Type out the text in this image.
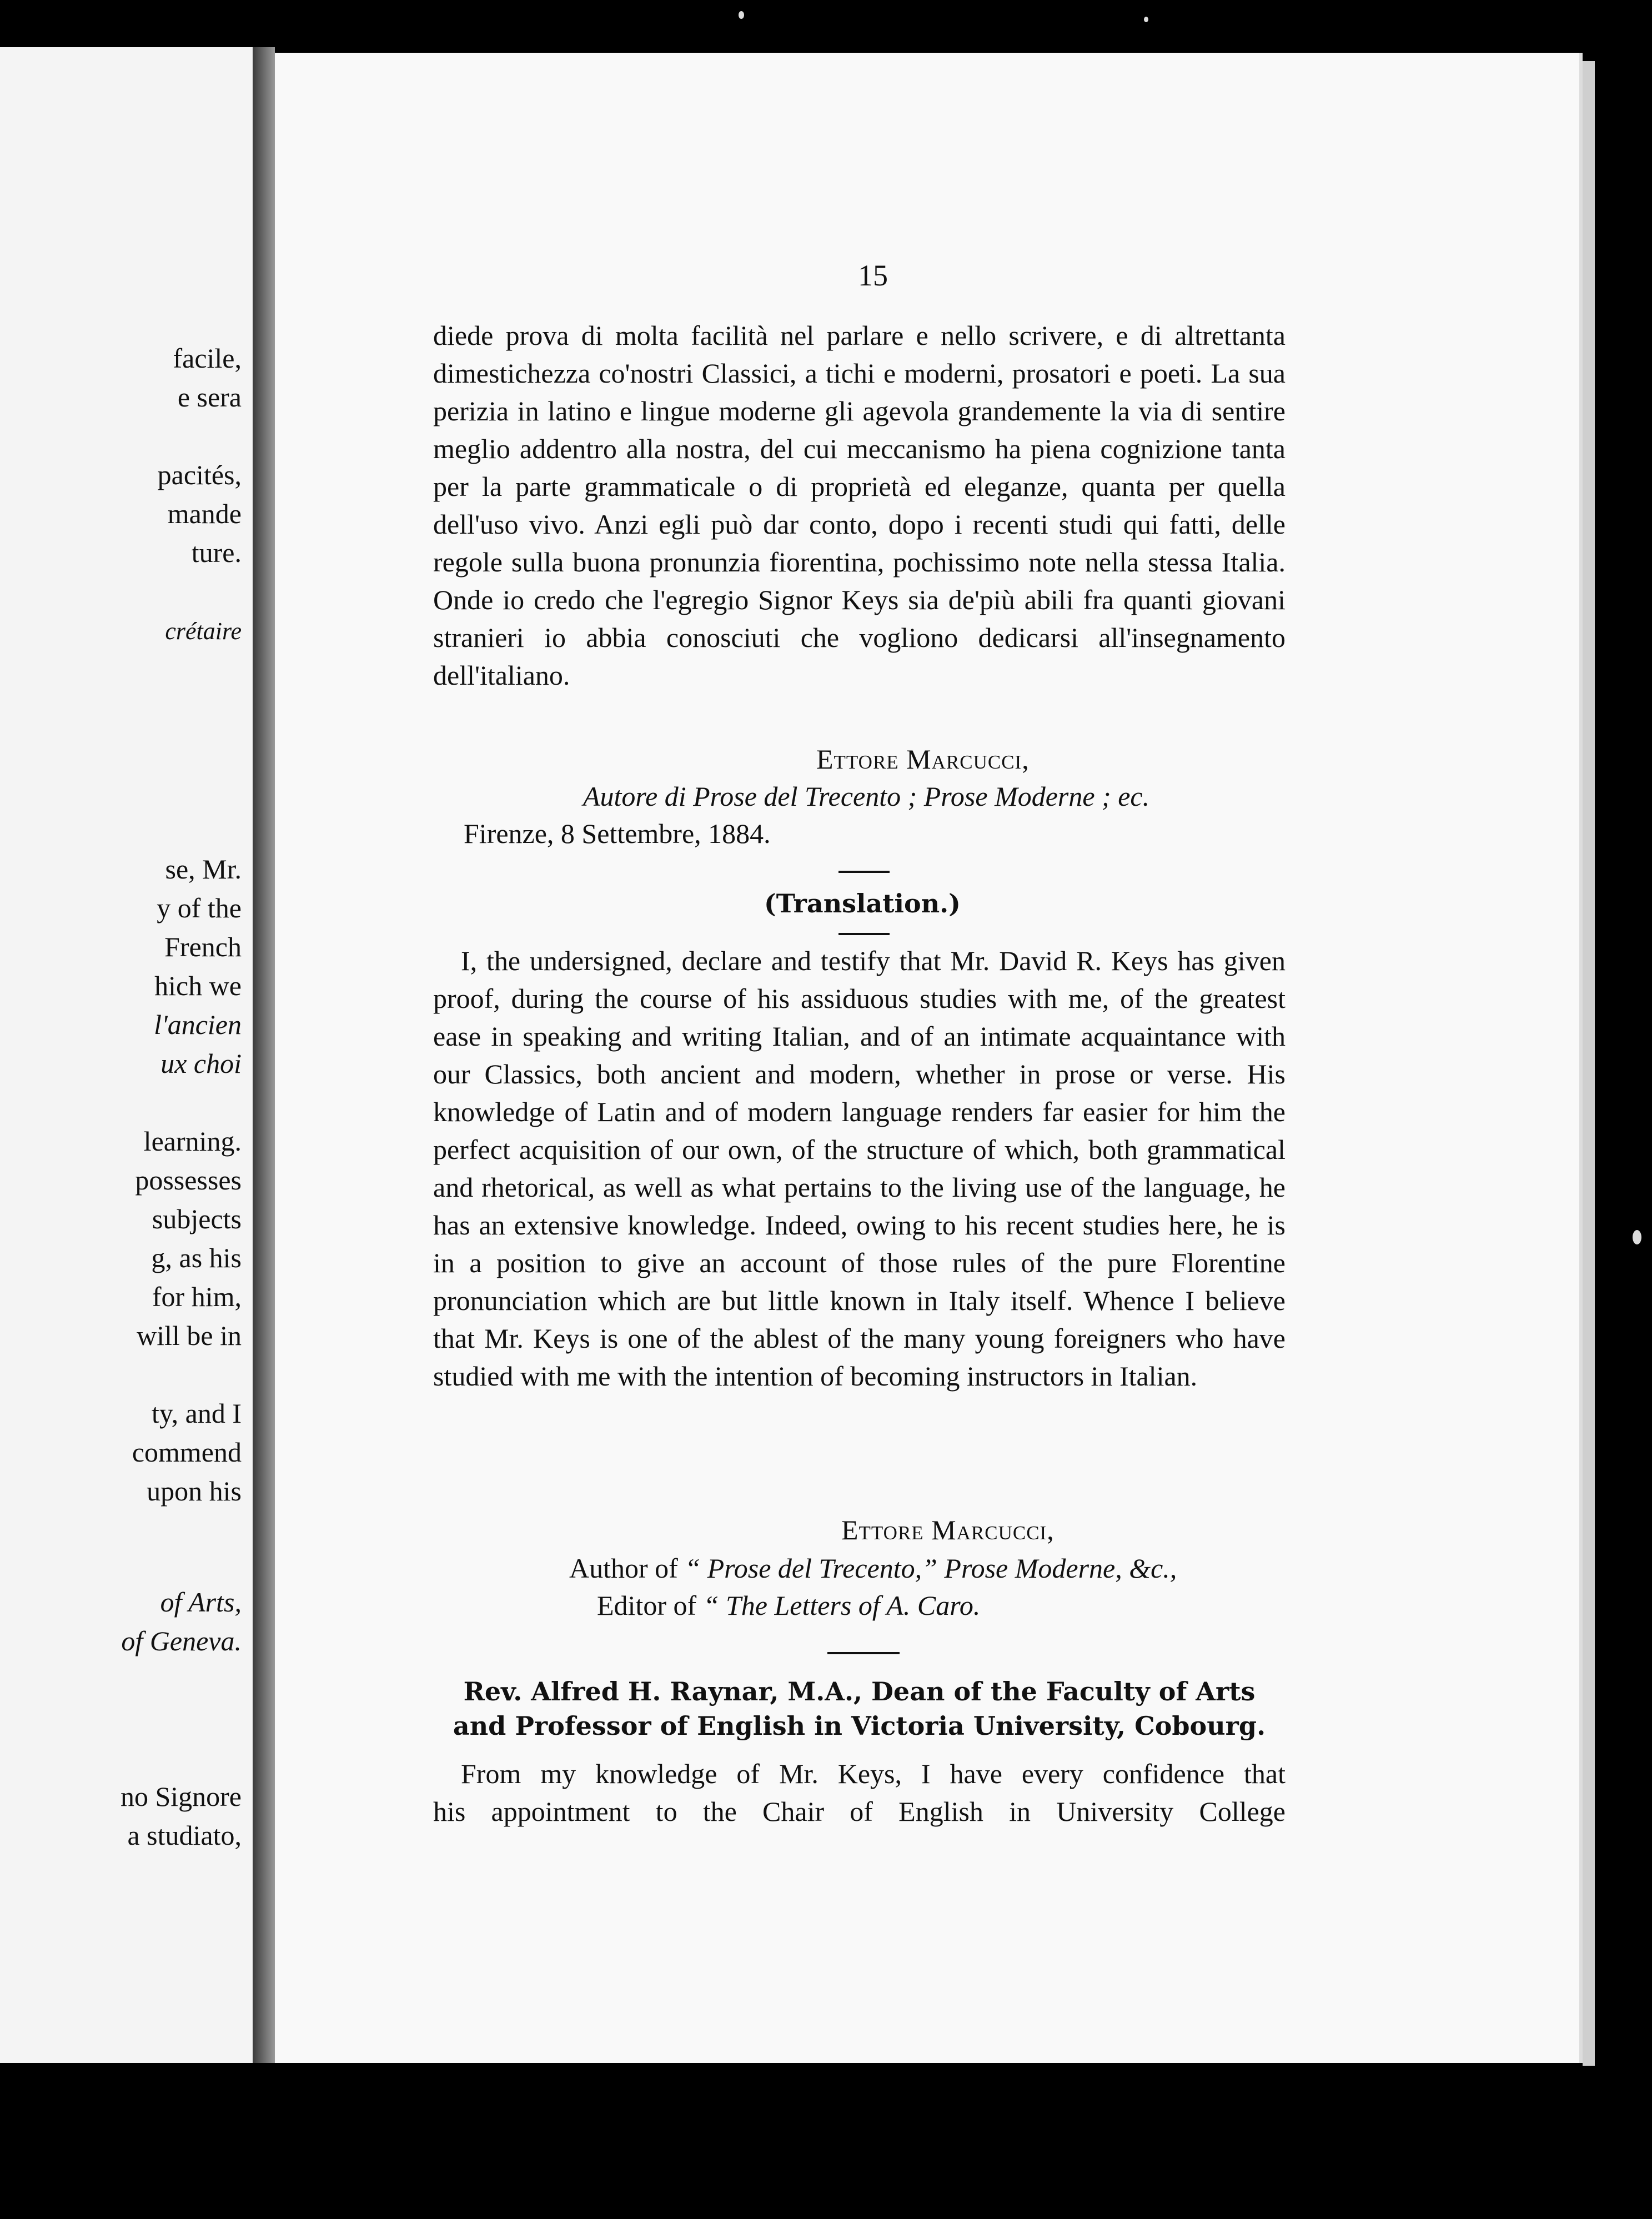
facile,
e sera
pacités,
mande
ture.
crétaire
se, Mr.
y of the
French
hich we
l'ancien
ux choi
learning.
possesses
subjects
g, as his
for him,
will be in
ty, and I
commend
upon his
of Arts,
of Geneva.
no Signore
a studiato,
15

diede prova di molta facilità nel parlare e nello scrivere, e di altrettanta dimestichezza co'nostri Classici, a tichi e moderni, prosatori e poeti. La sua perizia in latino e lingue moderne gli agevola grandemente la via di sentire meglio addentro alla nostra, del cui meccanismo ha piena cognizione tanta per la parte grammaticale o di proprietà ed eleganze, quanta per quella dell'uso vivo. Anzi egli può dar conto, dopo i recenti studi qui fatti, delle regole sulla buona pronunzia fiorentina, pochissimo note nella stessa Italia. Onde io credo che l'egregio Signor Keys sia de'più abili fra quanti giovani stranieri io abbia conosciuti che vogliono dedicarsi all'insegnamento dell'italiano.

Ettore Marcucci,
Autore di Prose del Trecento ; Prose Moderne ; ec.
Firenze, 8 Settembre, 1884.
(Translation.)

I, the undersigned, declare and testify that Mr. David R. Keys has given proof, during the course of his assiduous studies with me, of the greatest ease in speaking and writing Italian, and of an intimate acquaintance with our Classics, both ancient and modern, whether in prose or verse. His knowledge of Latin and of modern language renders far easier for him the perfect acquisition of our own, of the structure of which, both grammatical and rhetorical, as well as what pertains to the living use of the language, he has an extensive knowledge. Indeed, owing to his recent studies here, he is in a position to give an account of those rules of the pure Florentine pronunciation which are but little known in Italy itself. Whence I believe that Mr. Keys is one of the ablest of the many young foreigners who have studied with me with the intention of becoming instructors in Italian.

Ettore Marcucci,
Author of “ Prose del Trecento,” Prose Moderne, &c.,
Editor of “ The Letters of A. Caro.
Rev. Alfred H. Raynar, M.A., Dean of the Faculty of Arts
and Professor of English in Victoria University, Cobourg.
From my knowledge of Mr. Keys, I have every confidence that
his appointment to the Chair of English in University College
